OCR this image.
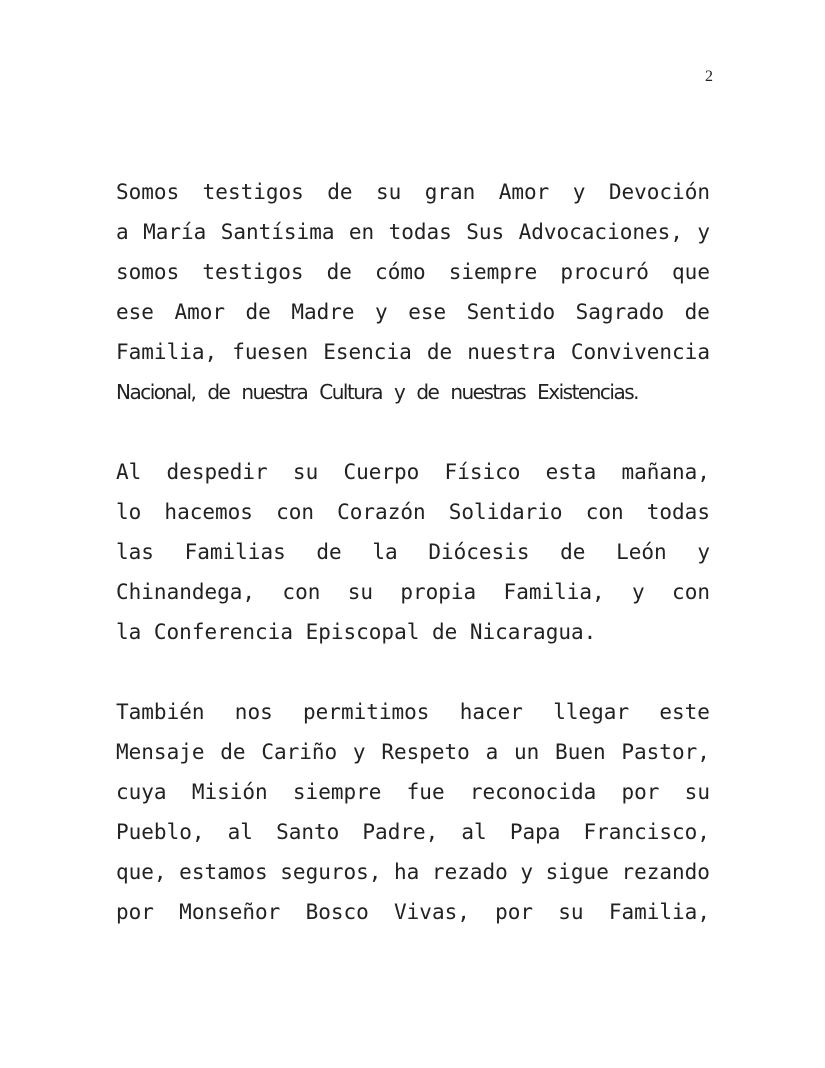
2
Somos testigos de su gran Amor y Devoción
a María Santísima en todas Sus Advocaciones, y
somos testigos de cómo siempre procuró que
ese Amor de Madre y ese Sentido Sagrado de
Familia, fuesen Esencia de nuestra Convivencia
Nacional, de nuestra Cultura y de nuestras Existencias.
Al despedir su Cuerpo Físico esta mañana,
lo hacemos con Corazón Solidario con todas
las Familias de la Diócesis de León y
Chinandega, con su propia Familia, y con
la Conferencia Episcopal de Nicaragua.
También nos permitimos hacer llegar este
Mensaje de Cariño y Respeto a un Buen Pastor,
cuya Misión siempre fue reconocida por su
Pueblo, al Santo Padre, al Papa Francisco,
que, estamos seguros, ha rezado y sigue rezando
por Monseñor Bosco Vivas, por su Familia,
